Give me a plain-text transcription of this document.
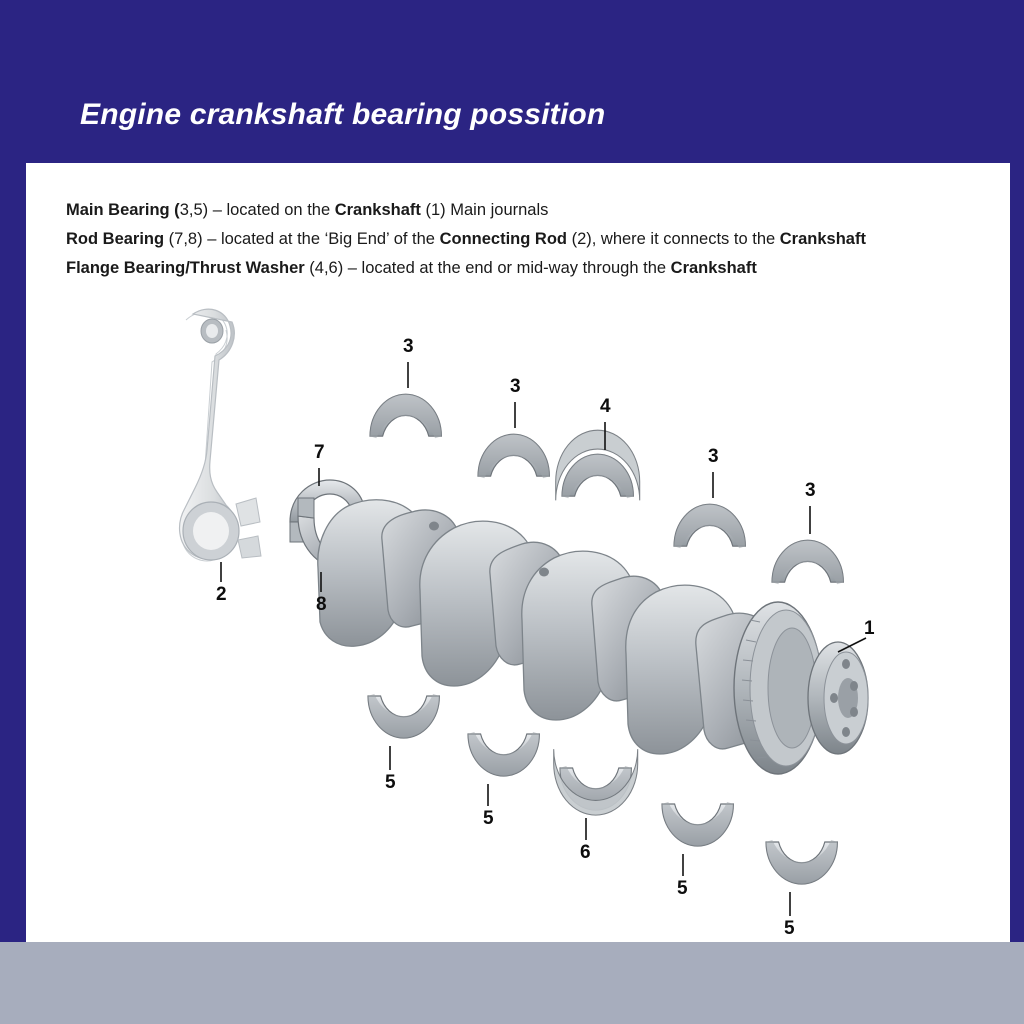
Engine crankshaft bearing possition
Main Bearing (3,5) – located on the Crankshaft (1) Main journals
Rod Bearing (7,8) – located at the ‘Big End’ of the Connecting Rod (2), where it connects to the Crankshaft
Flange Bearing/Thrust Washer (4,6) – located at the end or mid-way through the Crankshaft
3
3
4
3
3
7
2	8
1
5
5
6
5
5
